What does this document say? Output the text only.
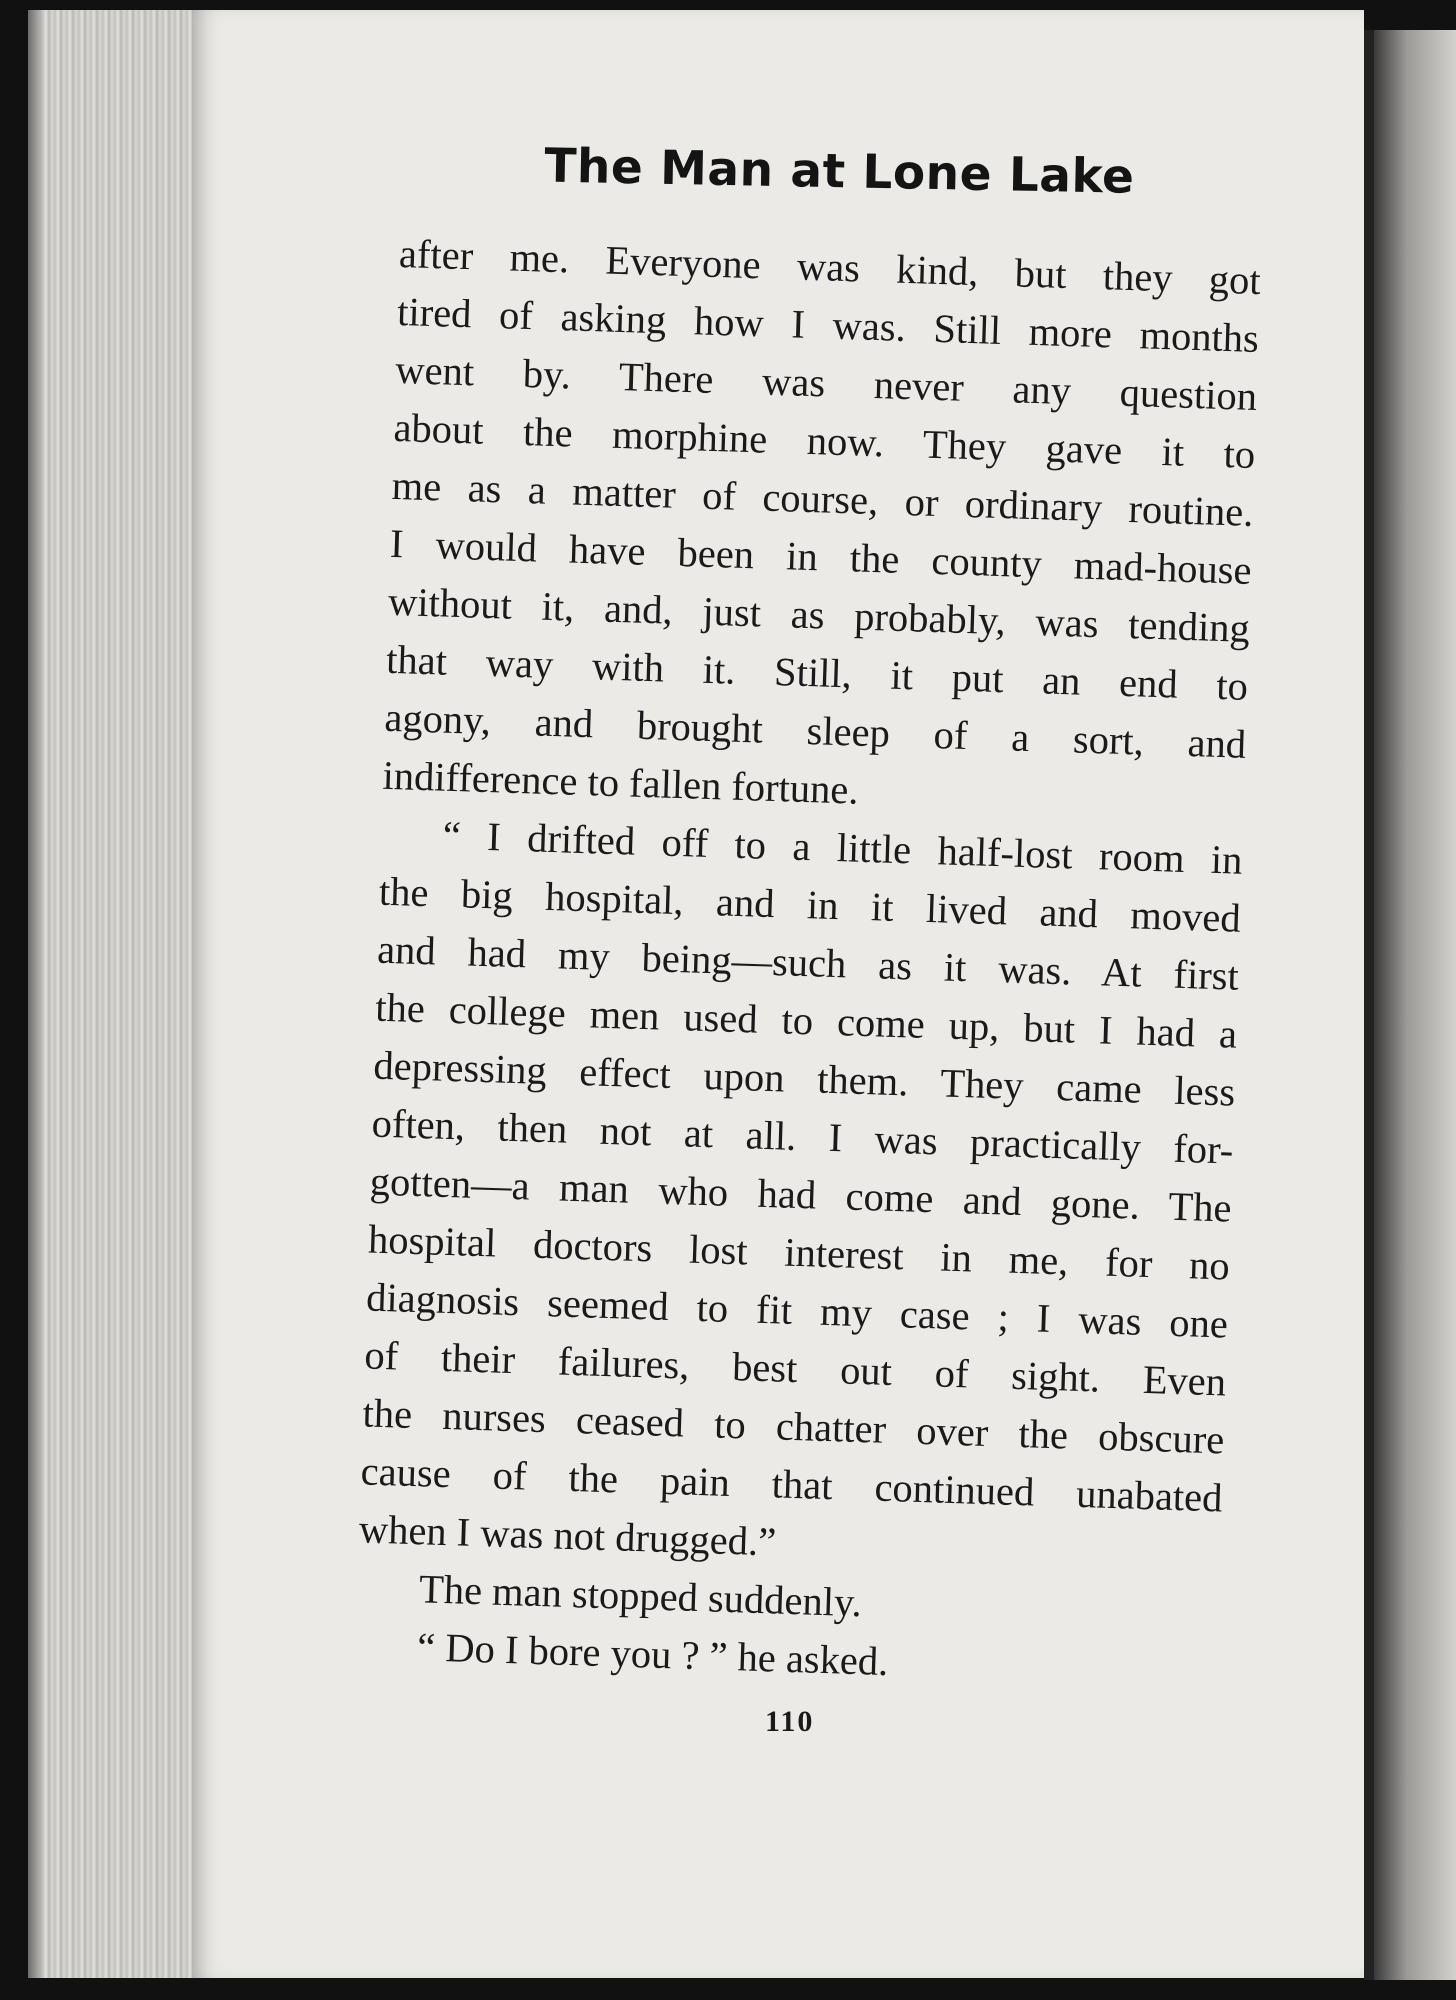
The Man at Lone Lake
after me. Everyone was kind, but they got
tired of asking how I was. Still more months
went by. There was never any question
about the morphine now. They gave it to
me as a matter of course, or ordinary routine.
I would have been in the county mad-house
without it, and, just as probably, was tending
that way with it. Still, it put an end to
agony, and brought sleep of a sort, and
indifference to fallen fortune.
“ I drifted off to a little half-lost room in
the big hospital, and in it lived and moved
and had my being—such as it was. At first
the college men used to come up, but I had a
depressing effect upon them. They came less
often, then not at all. I was practically for-
gotten—a man who had come and gone. The
hospital doctors lost interest in me, for no
diagnosis seemed to fit my case ; I was one
of their failures, best out of sight. Even
the nurses ceased to chatter over the obscure
cause of the pain that continued unabated
when I was not drugged.”
The man stopped suddenly.
“ Do I bore you ? ” he asked.
110
